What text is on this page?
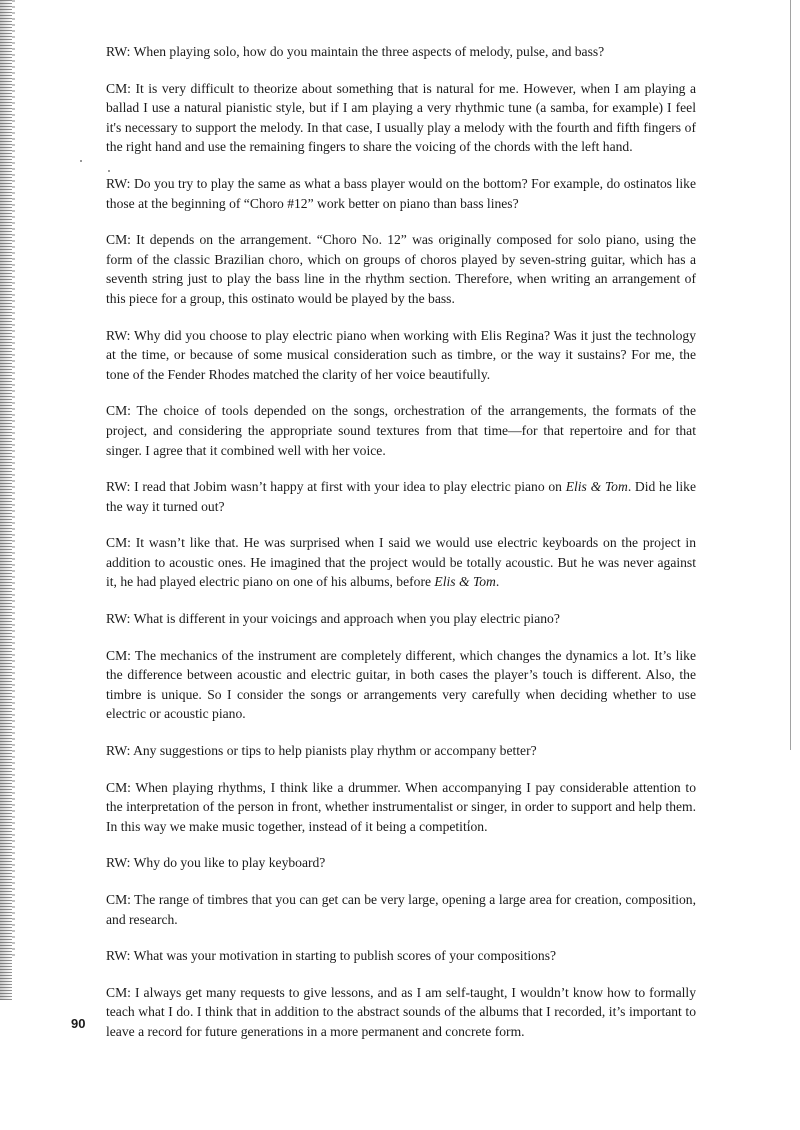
RW: When playing solo, how do you maintain the three aspects of melody, pulse, and bass?

CM: It is very difficult to theorize about something that is natural for me. However, when I am playing a ballad I use a natural pianistic style, but if I am playing a very rhythmic tune (a samba, for example) I feel it's necessary to support the melody. In that case, I usually play a melody with the fourth and fifth fingers of the right hand and use the remaining fingers to share the voicing of the chords with the left hand.

RW: Do you try to play the same as what a bass player would on the bottom? For example, do ostinatos like those at the beginning of “Choro #12” work better on piano than bass lines?

CM: It depends on the arrangement. “Choro No. 12” was originally composed for solo piano, using the form of the classic Brazilian choro, which on groups of choros played by seven-string guitar, which has a seventh string just to play the bass line in the rhythm section. Therefore, when writing an arrangement of this piece for a group, this ostinato would be played by the bass.

RW: Why did you choose to play electric piano when working with Elis Regina? Was it just the technology at the time, or because of some musical consideration such as timbre, or the way it sustains? For me, the tone of the Fender Rhodes matched the clarity of her voice beautifully.

CM: The choice of tools depended on the songs, orchestration of the arrangements, the formats of the project, and considering the appropriate sound textures from that time—for that repertoire and for that singer. I agree that it combined well with her voice.

RW: I read that Jobim wasn’t happy at first with your idea to play electric piano on Elis & Tom. Did he like the way it turned out?

CM: It wasn’t like that. He was surprised when I said we would use electric keyboards on the project in addition to acoustic ones. He imagined that the project would be totally acoustic. But he was never against it, he had played electric piano on one of his albums, before Elis & Tom.

RW: What is different in your voicings and approach when you play electric piano?

CM: The mechanics of the instrument are completely different, which changes the dynamics a lot. It’s like the difference between acoustic and electric guitar, in both cases the player’s touch is different. Also, the timbre is unique. So I consider the songs or arrangements very carefully when deciding whether to use electric or acoustic piano.

RW: Any suggestions or tips to help pianists play rhythm or accompany better?

CM: When playing rhythms, I think like a drummer. When accompanying I pay considerable attention to the interpretation of the person in front, whether instrumentalist or singer, in order to support and help them. In this way we make music together, instead of it being a competition.

RW: Why do you like to play keyboard?

CM: The range of timbres that you can get can be very large, opening a large area for creation, composition, and research.

RW: What was your motivation in starting to publish scores of your compositions?

CM: I always get many requests to give lessons, and as I am self-taught, I wouldn’t know how to formally teach what I do. I think that in addition to the abstract sounds of the albums that I recorded, it’s important to leave a record for future generations in a more permanent and concrete form.

90
